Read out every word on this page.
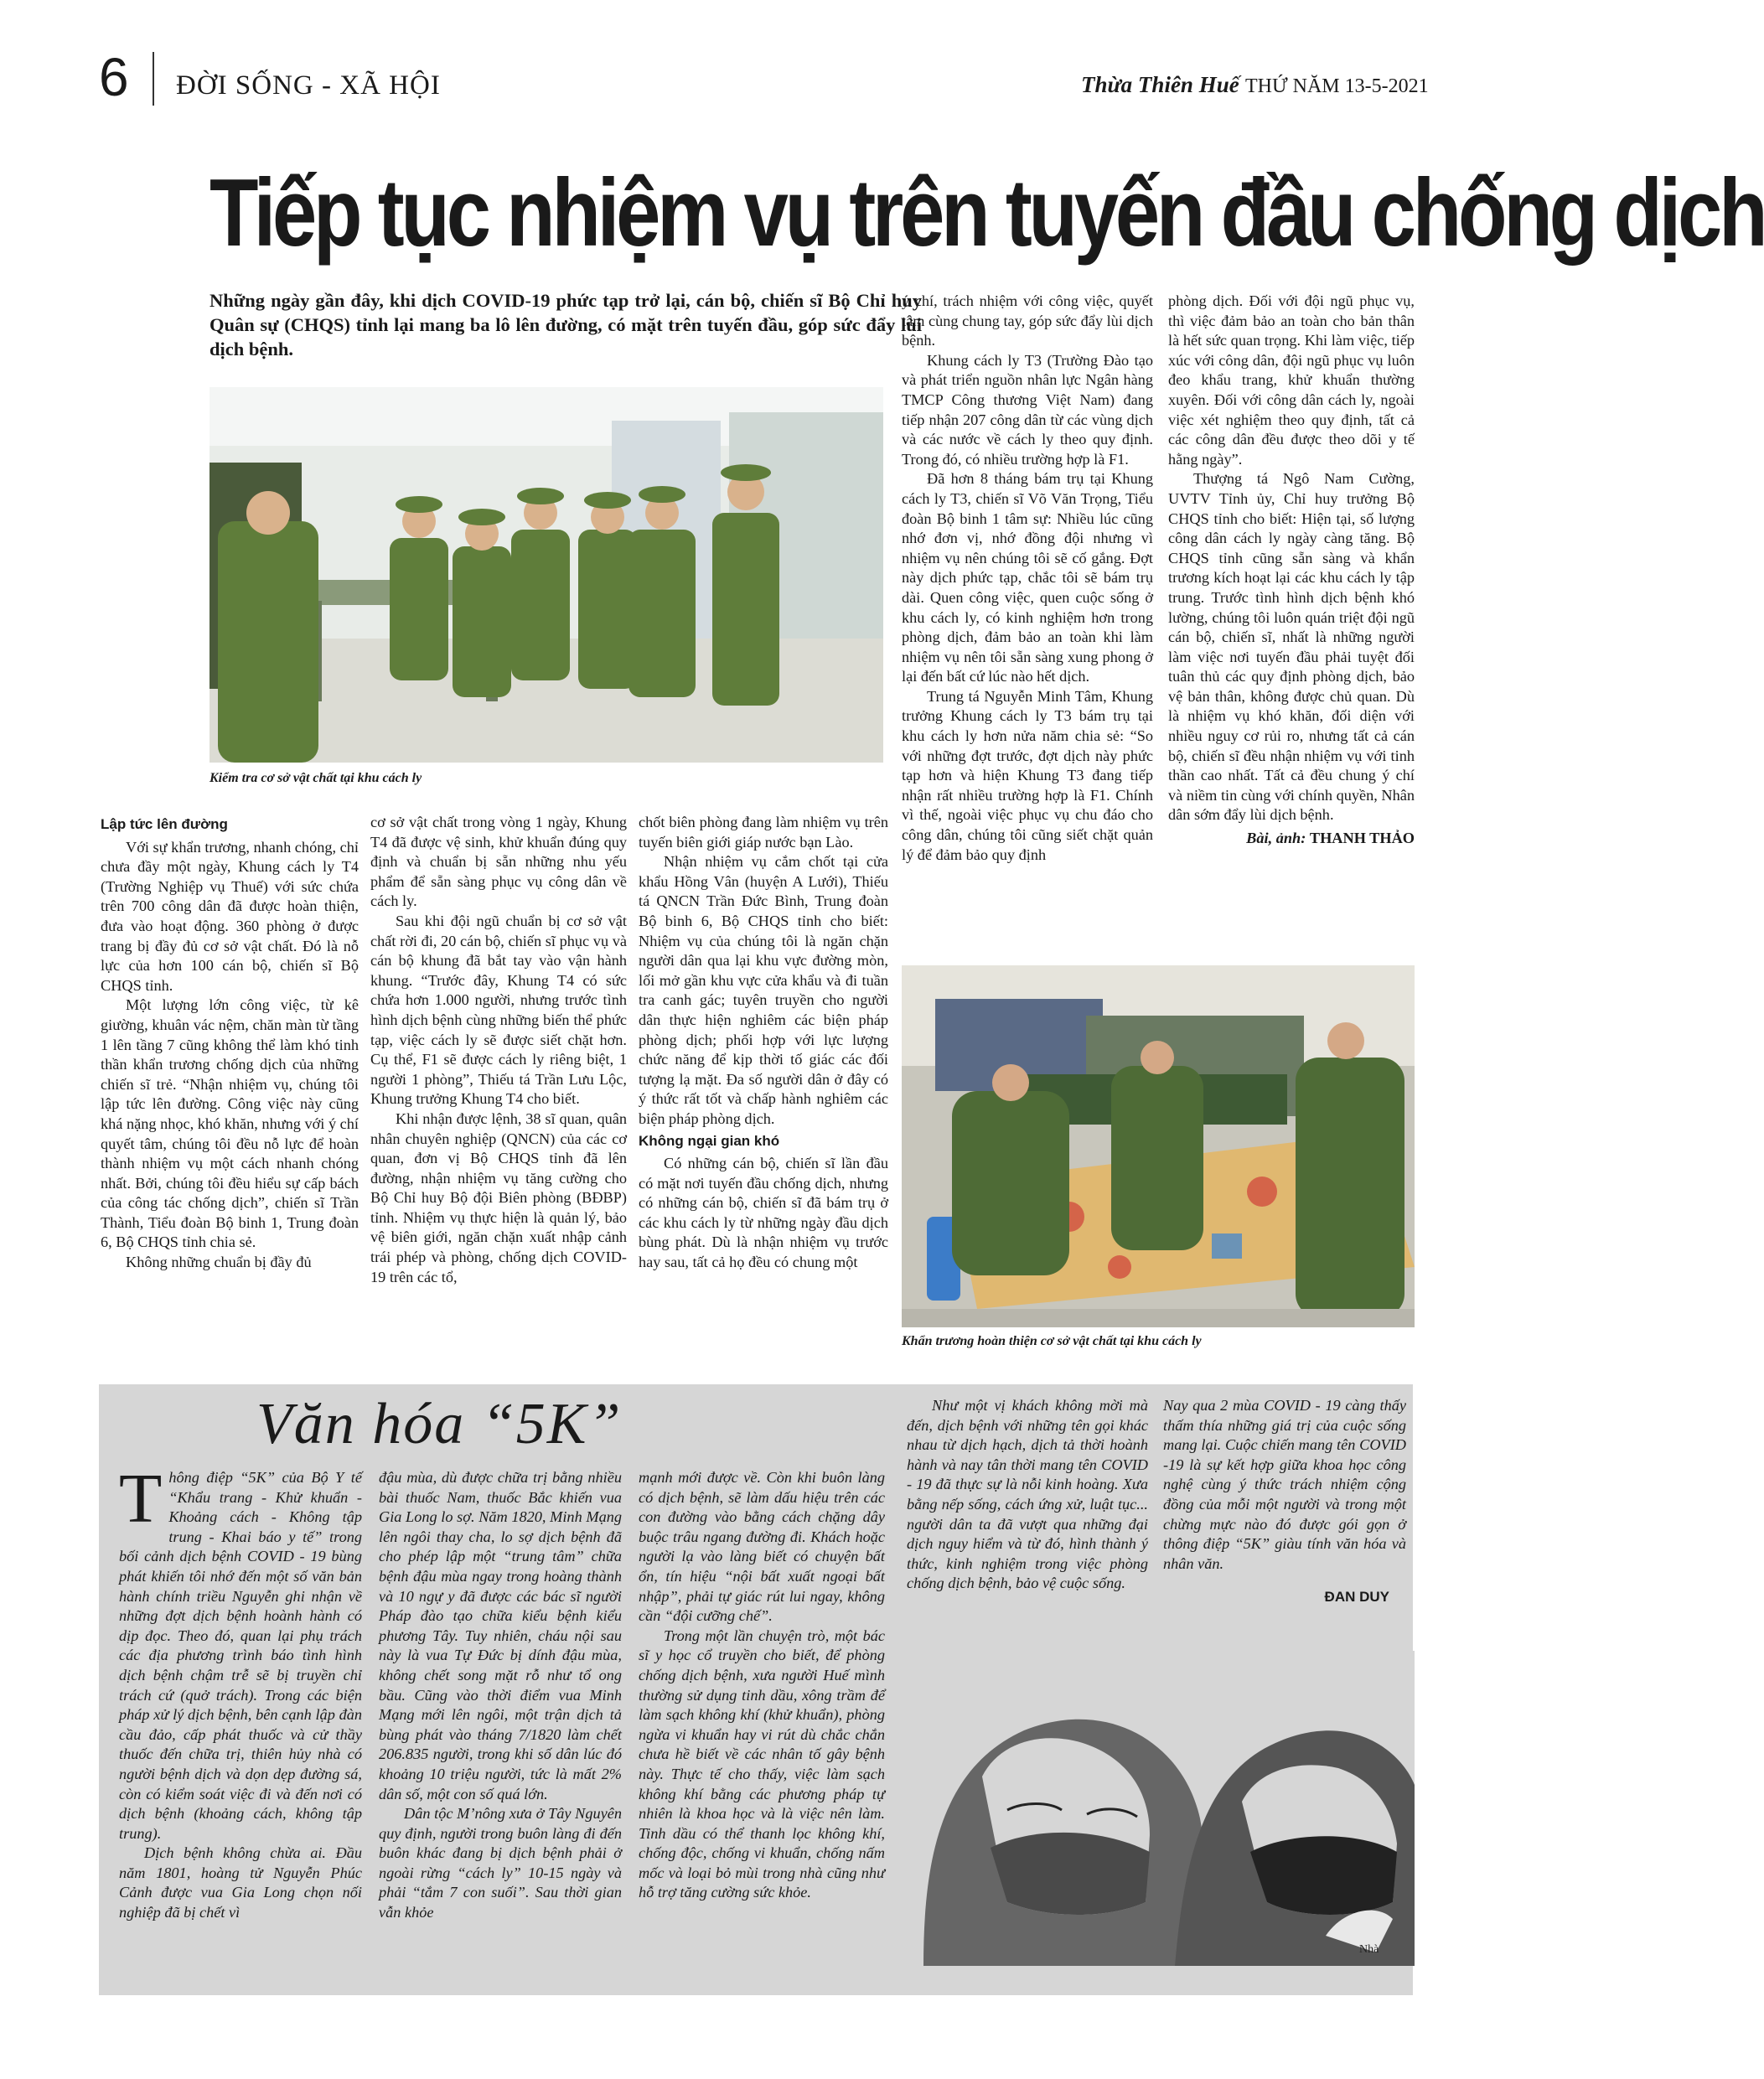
6 ĐỜI SỐNG - XÃ HỘI	Thừa Thiên Huế THỨ NĂM 13-5-2021
Tiếp tục nhiệm vụ trên tuyến đầu chống dịch
Những ngày gần đây, khi dịch COVID-19 phức tạp trở lại, cán bộ, chiến sĩ Bộ Chỉ huy Quân sự (CHQS) tỉnh lại mang ba lô lên đường, có mặt trên tuyến đầu, góp sức đẩy lùi dịch bệnh.
Kiểm tra cơ sở vật chất tại khu cách ly
Lập tức lên đường

Với sự khẩn trương, nhanh chóng, chỉ chưa đầy một ngày, Khung cách ly T4 (Trường Nghiệp vụ Thuế) với sức chứa trên 700 công dân đã được hoàn thiện, đưa vào hoạt động. 360 phòng ở được trang bị đầy đủ cơ sở vật chất. Đó là nỗ lực của hơn 100 cán bộ, chiến sĩ Bộ CHQS tỉnh.

Một lượng lớn công việc, từ kê giường, khuân vác nệm, chăn màn từ tầng 1 lên tầng 7 cũng không thể làm khó tinh thần khẩn trương chống dịch của những chiến sĩ trẻ. “Nhận nhiệm vụ, chúng tôi lập tức lên đường. Công việc này cũng khá nặng nhọc, khó khăn, nhưng với ý chí quyết tâm, chúng tôi đều nỗ lực để hoàn thành nhiệm vụ một cách nhanh chóng nhất. Bởi, chúng tôi đều hiểu sự cấp bách của công tác chống dịch”, chiến sĩ Trần Thành, Tiểu đoàn Bộ binh 1, Trung đoàn 6, Bộ CHQS tỉnh chia sẻ.

Không những chuẩn bị đầy đủ

cơ sở vật chất trong vòng 1 ngày, Khung T4 đã được vệ sinh, khử khuẩn đúng quy định và chuẩn bị sẵn những nhu yếu phẩm để sẵn sàng phục vụ công dân về cách ly.

Sau khi đội ngũ chuẩn bị cơ sở vật chất rời đi, 20 cán bộ, chiến sĩ phục vụ và cán bộ khung đã bắt tay vào vận hành khung. “Trước đây, Khung T4 có sức chứa hơn 1.000 người, nhưng trước tình hình dịch bệnh cùng những biến thể phức tạp, việc cách ly sẽ được siết chặt hơn. Cụ thể, F1 sẽ được cách ly riêng biệt, 1 người 1 phòng”, Thiếu tá Trần Lưu Lộc, Khung trưởng Khung T4 cho biết.

Khi nhận được lệnh, 38 sĩ quan, quân nhân chuyên nghiệp (QNCN) của các cơ quan, đơn vị Bộ CHQS tỉnh đã lên đường, nhận nhiệm vụ tăng cường cho Bộ Chỉ huy Bộ đội Biên phòng (BĐBP) tỉnh. Nhiệm vụ thực hiện là quản lý, bảo vệ biên giới, ngăn chặn xuất nhập cảnh trái phép và phòng, chống dịch COVID-19 trên các tổ,

chốt biên phòng đang làm nhiệm vụ trên tuyến biên giới giáp nước bạn Lào.

Nhận nhiệm vụ cắm chốt tại cửa khẩu Hồng Vân (huyện A Lưới), Thiếu tá QNCN Trần Đức Bình, Trung đoàn Bộ binh 6, Bộ CHQS tỉnh cho biết: Nhiệm vụ của chúng tôi là ngăn chặn người dân qua lại khu vực đường mòn, lối mở gần khu vực cửa khẩu và đi tuần tra canh gác; tuyên truyền cho người dân thực hiện nghiêm các biện pháp phòng dịch; phối hợp với lực lượng chức năng để kịp thời tố giác các đối tượng lạ mặt. Đa số người dân ở đây có ý thức rất tốt và chấp hành nghiêm các biện pháp phòng dịch.

Không ngại gian khó

Có những cán bộ, chiến sĩ lần đầu có mặt nơi tuyến đầu chống dịch, nhưng có những cán bộ, chiến sĩ đã bám trụ ở các khu cách ly từ những ngày đầu dịch bùng phát. Dù là nhận nhiệm vụ trước hay sau, tất cả họ đều có chung một

ý chí, trách nhiệm với công việc, quyết tâm cùng chung tay, góp sức đẩy lùi dịch bệnh.

Khung cách ly T3 (Trường Đào tạo và phát triển nguồn nhân lực Ngân hàng TMCP Công thương Việt Nam) đang tiếp nhận 207 công dân từ các vùng dịch và các nước về cách ly theo quy định. Trong đó, có nhiều trường hợp là F1.

Đã hơn 8 tháng bám trụ tại Khung cách ly T3, chiến sĩ Võ Văn Trọng, Tiểu đoàn Bộ binh 1 tâm sự: Nhiều lúc cũng nhớ đơn vị, nhớ đồng đội nhưng vì nhiệm vụ nên chúng tôi sẽ cố gắng. Đợt này dịch phức tạp, chắc tôi sẽ bám trụ dài. Quen công việc, quen cuộc sống ở khu cách ly, có kinh nghiệm hơn trong phòng dịch, đảm bảo an toàn khi làm nhiệm vụ nên tôi sẵn sàng xung phong ở lại đến bất cứ lúc nào hết dịch.

Trung tá Nguyễn Minh Tâm, Khung trưởng Khung cách ly T3 bám trụ tại khu cách ly hơn nửa năm chia sẻ: “So với những đợt trước, đợt dịch này phức tạp hơn và hiện Khung T3 đang tiếp nhận rất nhiều trường hợp là F1. Chính vì thế, ngoài việc phục vụ chu đáo cho công dân, chúng tôi cũng siết chặt quản lý để đảm bảo quy định

phòng dịch. Đối với đội ngũ phục vụ, thì việc đảm bảo an toàn cho bản thân là hết sức quan trọng. Khi làm việc, tiếp xúc với công dân, đội ngũ phục vụ luôn đeo khẩu trang, khử khuẩn thường xuyên. Đối với công dân cách ly, ngoài việc xét nghiệm theo quy định, tất cả các công dân đều được theo dõi y tế hằng ngày”.

Thượng tá Ngô Nam Cường, UVTV Tỉnh ủy, Chỉ huy trưởng Bộ CHQS tỉnh cho biết: Hiện tại, số lượng công dân cách ly ngày càng tăng. Bộ CHQS tỉnh cũng sẵn sàng và khẩn trương kích hoạt lại các khu cách ly tập trung. Trước tình hình dịch bệnh khó lường, chúng tôi luôn quán triệt đội ngũ cán bộ, chiến sĩ, nhất là những người làm việc nơi tuyến đầu phải tuyệt đối tuân thủ các quy định phòng dịch, bảo vệ bản thân, không được chủ quan. Dù là nhiệm vụ khó khăn, đối diện với nhiều nguy cơ rủi ro, nhưng tất cả cán bộ, chiến sĩ đều nhận nhiệm vụ với tinh thần cao nhất. Tất cả đều chung ý chí và niềm tin cùng với chính quyền, Nhân dân sớm đẩy lùi dịch bệnh.

Bài, ảnh: THANH THẢO
Khẩn trương hoàn thiện cơ sở vật chất tại khu cách ly
Văn hóa “5K”

Thông điệp “5K” của Bộ Y tế “Khẩu trang - Khử khuẩn - Khoảng cách - Không tập trung - Khai báo y tế” trong bối cảnh dịch bệnh COVID - 19 bùng phát khiến tôi nhớ đến một số văn bản hành chính triều Nguyễn ghi nhận về những đợt dịch bệnh hoành hành có dịp đọc. Theo đó, quan lại phụ trách các địa phương trình báo tình hình dịch bệnh chậm trễ sẽ bị truyền chỉ trách cứ (quở trách). Trong các biện pháp xử lý dịch bệnh, bên cạnh lập đàn cầu đảo, cấp phát thuốc và cử thầy thuốc đến chữa trị, thiên hủy nhà có người bệnh dịch và dọn dẹp đường sá, còn có kiểm soát việc đi và đến nơi có dịch bệnh (khoảng cách, không tập trung).

Dịch bệnh không chừa ai. Đầu năm 1801, hoàng tử Nguyễn Phúc Cảnh được vua Gia Long chọn nối nghiệp đã bị chết vì

đậu mùa, dù được chữa trị bằng nhiều bài thuốc Nam, thuốc Bắc khiến vua Gia Long lo sợ. Năm 1820, Minh Mạng lên ngôi thay cha, lo sợ dịch bệnh đã cho phép lập một “trung tâm” chữa bệnh đậu mùa ngay trong hoàng thành và 10 ngự y đã được các bác sĩ người Pháp đào tạo chữa kiểu bệnh kiểu phương Tây. Tuy nhiên, cháu nội sau này là vua Tự Đức bị dính đậu mùa, không chết song mặt rỗ như tổ ong bầu. Cũng vào thời điểm vua Minh Mạng mới lên ngôi, một trận dịch tả bùng phát vào tháng 7/1820 làm chết 206.835 người, trong khi số dân lúc đó khoảng 10 triệu người, tức là mất 2% dân số, một con số quá lớn.

Dân tộc M’nông xưa ở Tây Nguyên quy định, người trong buôn làng đi đến buôn khác đang bị dịch bệnh phải ở ngoài rừng “cách ly” 10-15 ngày và phải “tắm 7 con suối”. Sau thời gian vẫn khỏe

mạnh mới được về. Còn khi buôn làng có dịch bệnh, sẽ làm dấu hiệu trên các con đường vào bằng cách chặng dây buộc trâu ngang đường đi. Khách hoặc người lạ vào làng biết có chuyện bất ổn, tín hiệu “nội bất xuất ngoại bất nhập”, phải tự giác rút lui ngay, không cần “đội cưỡng chế”.

Trong một lần chuyện trò, một bác sĩ y học cổ truyền cho biết, để phòng chống dịch bệnh, xưa người Huế mình thường sử dụng tinh dầu, xông trầm để làm sạch không khí (khử khuẩn), phòng ngừa vi khuẩn hay vi rút dù chắc chắn chưa hề biết về các nhân tố gây bệnh này. Thực tế cho thấy, việc làm sạch không khí bằng các phương pháp tự nhiên là khoa học và là việc nên làm. Tinh dầu có thể thanh lọc không khí, chống độc, chống vi khuẩn, chống nấm mốc và loại bỏ mùi trong nhà cũng như hỗ trợ tăng cường sức khỏe.

Như một vị khách không mời mà đến, dịch bệnh với những tên gọi khác nhau từ dịch hạch, dịch tả thời hoành hành và nay tân thời mang tên COVID - 19 đã thực sự là nỗi kinh hoàng. Xưa bằng nếp sống, cách ứng xử, luật tục... người dân ta đã vượt qua những đại dịch nguy hiểm và từ đó, hình thành ý thức, kinh nghiệm trong việc phòng chống dịch bệnh, bảo vệ cuộc sống.

Nay qua 2 mùa COVID - 19 càng thấy thấm thía những giá trị của cuộc sống mang lại. Cuộc chiến mang tên COVID -19 là sự kết hợp giữa khoa học công nghệ cùng ý thức trách nhiệm cộng đồng của mỗi một người và trong một chừng mực nào đó được gói gọn ở thông điệp “5K” giàu tính văn hóa và nhân văn.

ĐAN DUY
Nhà
